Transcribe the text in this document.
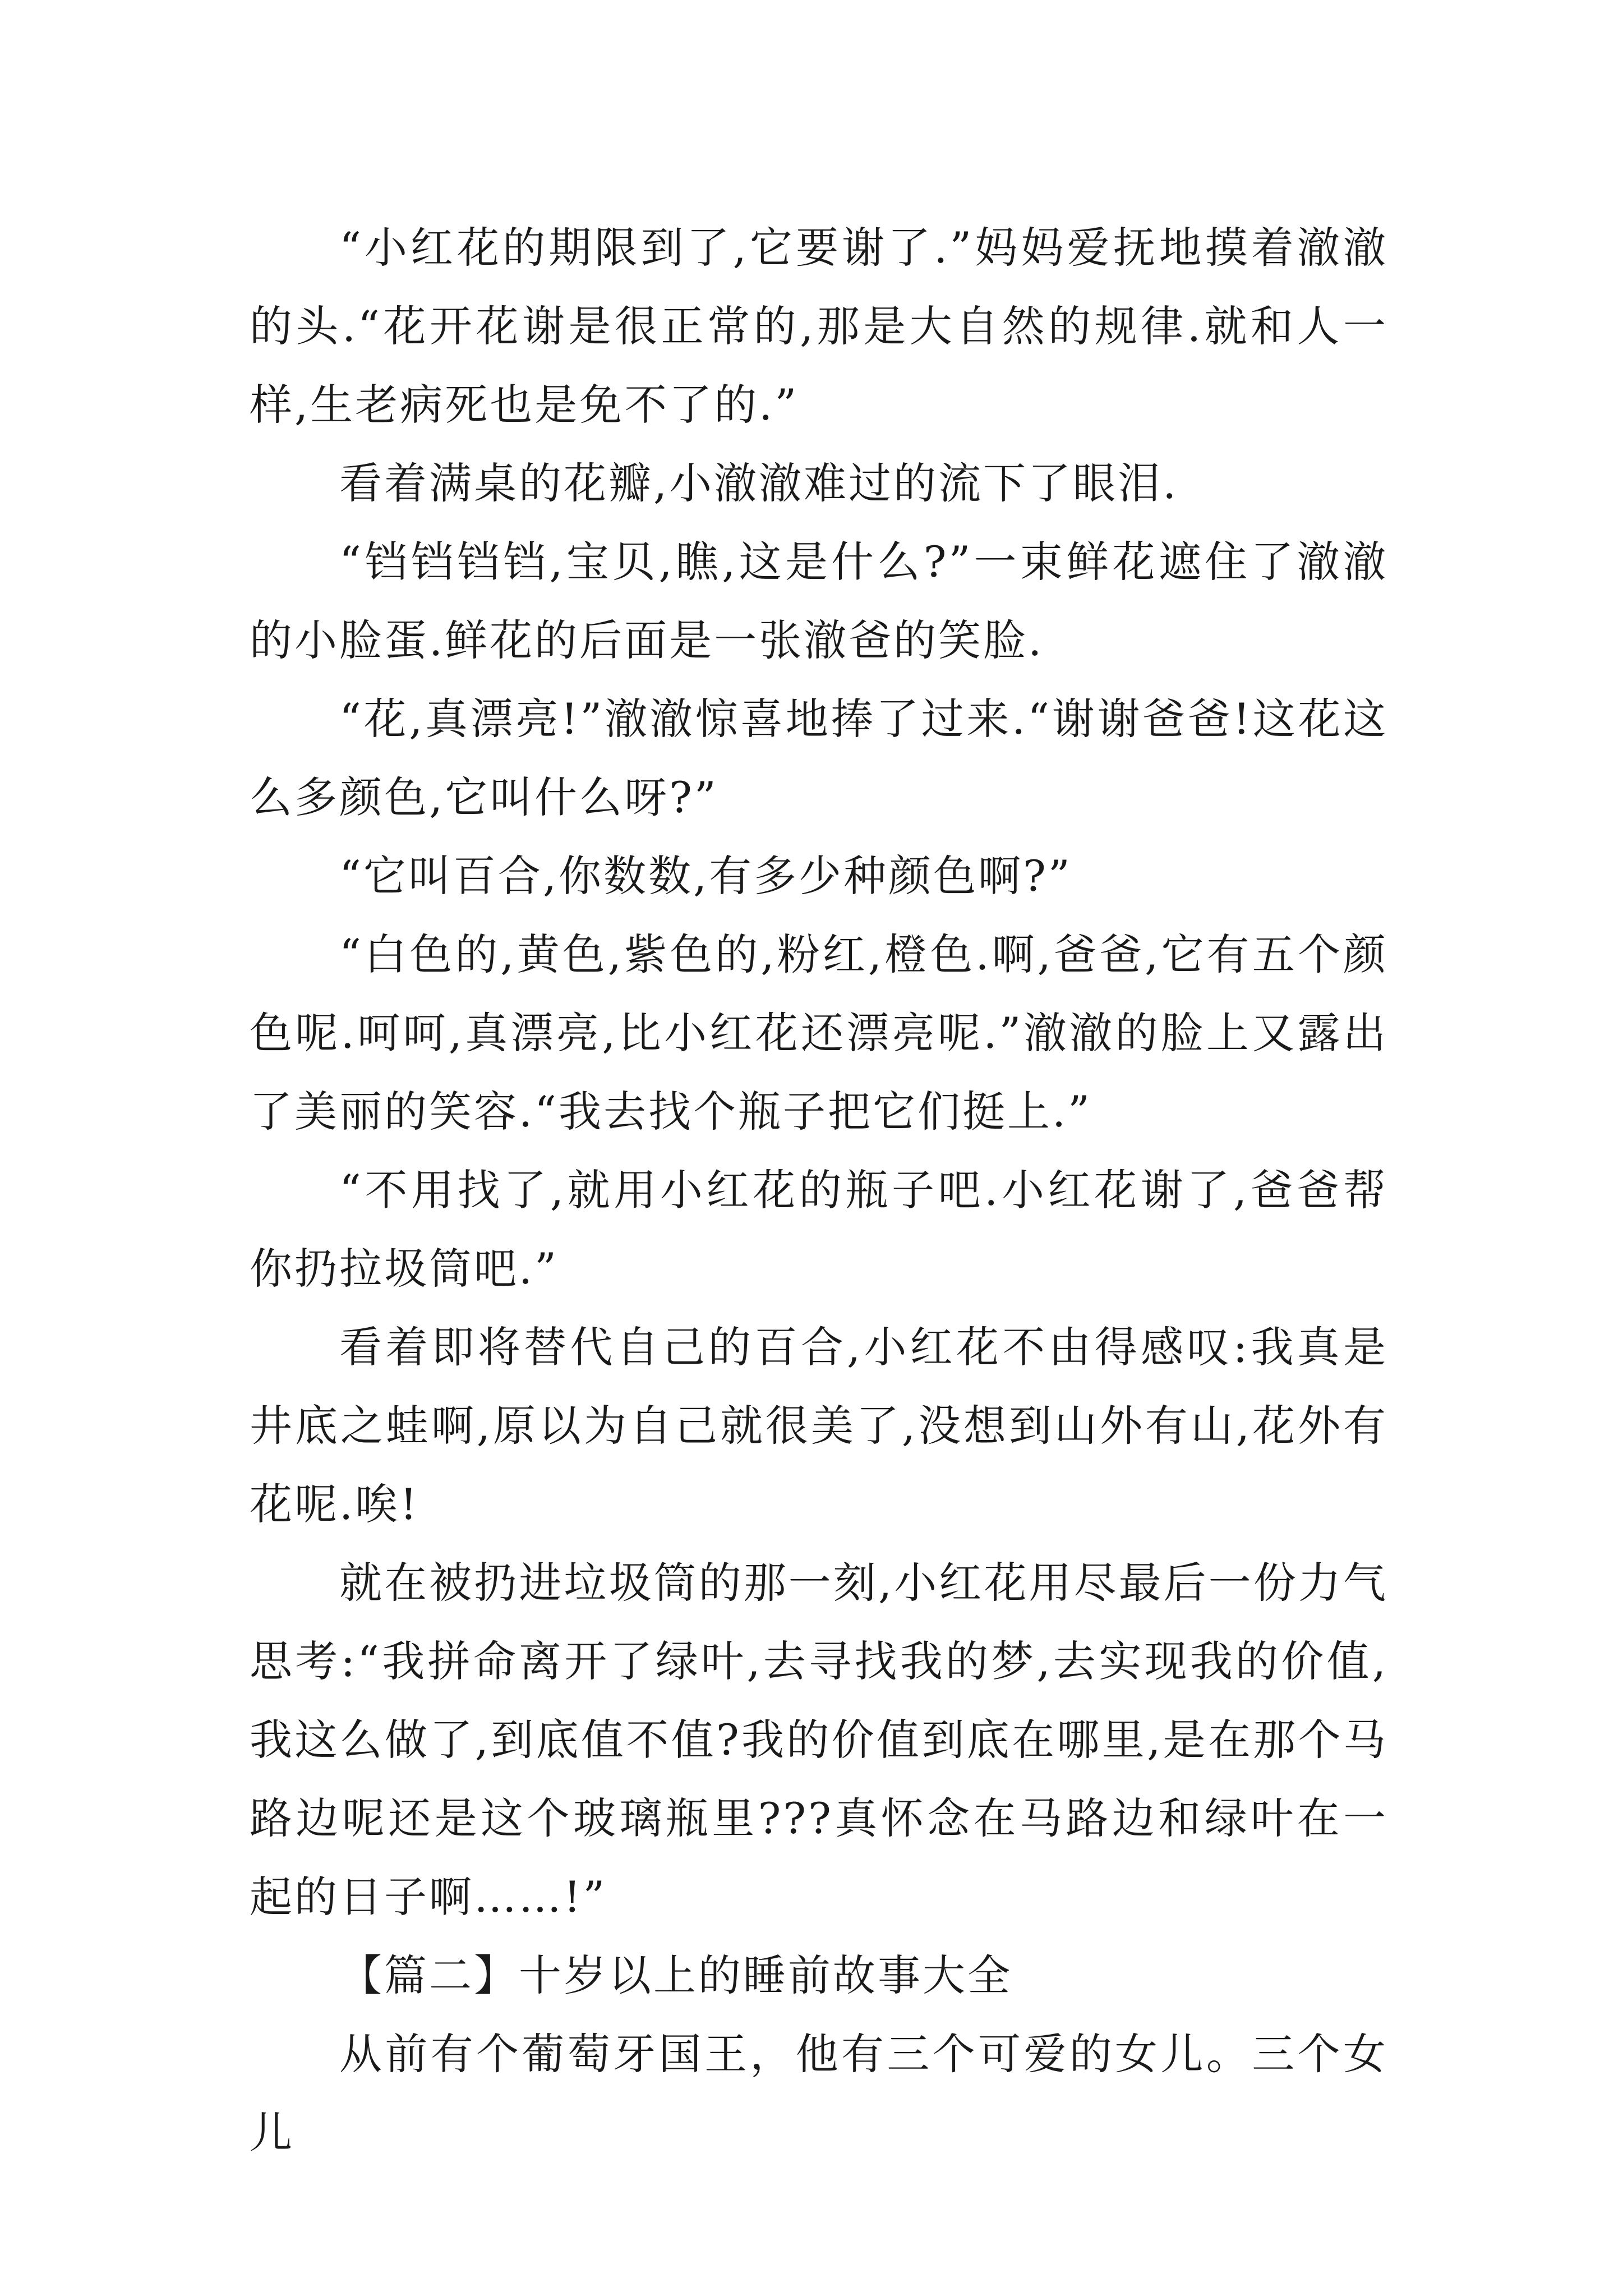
“小红花的期限到了,它要谢了.”妈妈爱抚地摸着澈澈的头.“花开花谢是很正常的,那是大自然的规律.就和人一样,生老病死也是免不了的.”

看着满桌的花瓣,小澈澈难过的流下了眼泪.

“铛铛铛铛,宝贝,瞧,这是什么?”一束鲜花遮住了澈澈的小脸蛋.鲜花的后面是一张澈爸的笑脸.

“花,真漂亮!”澈澈惊喜地捧了过来.“谢谢爸爸!这花这么多颜色,它叫什么呀?”

“它叫百合,你数数,有多少种颜色啊?”

“白色的,黄色,紫色的,粉红,橙色.啊,爸爸,它有五个颜色呢.呵呵,真漂亮,比小红花还漂亮呢.”澈澈的脸上又露出了美丽的笑容.“我去找个瓶子把它们挺上.”

“不用找了,就用小红花的瓶子吧.小红花谢了,爸爸帮你扔拉圾筒吧.”

看着即将替代自己的百合,小红花不由得感叹:我真是井底之蛙啊,原以为自己就很美了,没想到山外有山,花外有花呢.唉!

就在被扔进垃圾筒的那一刻,小红花用尽最后一份力气思考:“我拼命离开了绿叶,去寻找我的梦,去实现我的价值,我这么做了,到底值不值?我的价值到底在哪里,是在那个马路边呢还是这个玻璃瓶里???真怀念在马路边和绿叶在一起的日子啊……!”

【篇二】十岁以上的睡前故事大全

从前有个葡萄牙国王，他有三个可爱的女儿。三个女儿
